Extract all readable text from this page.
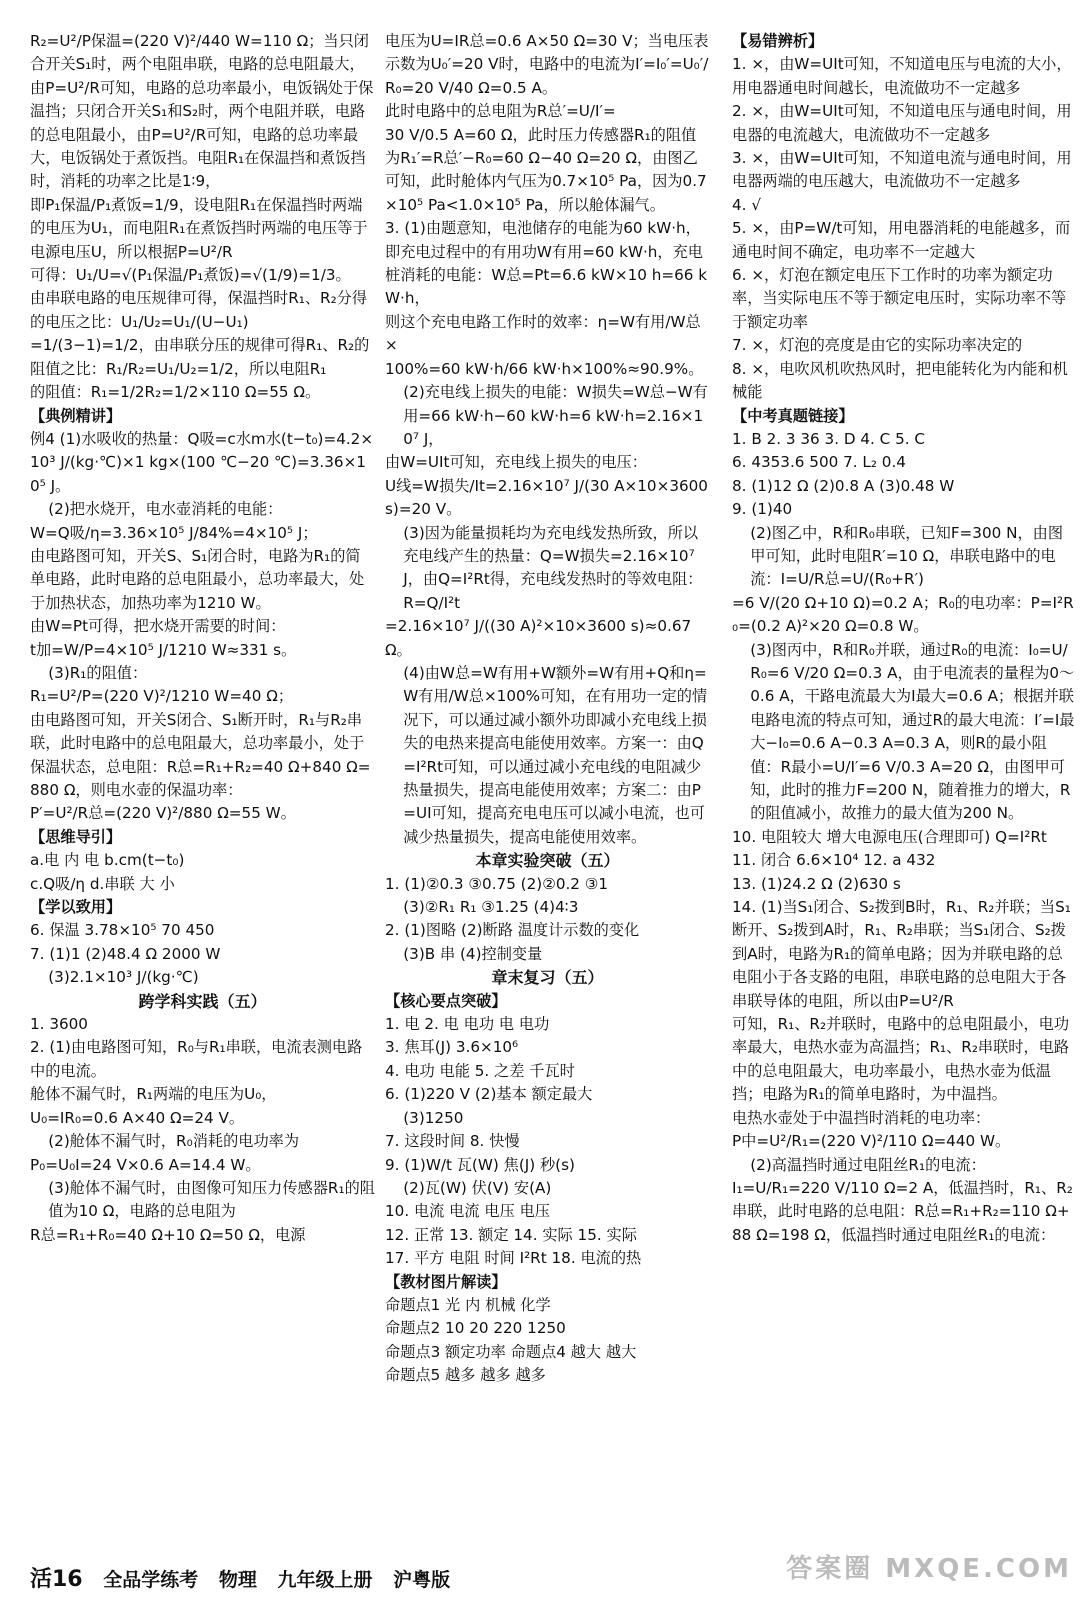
R₂=U²/P保温=(220 V)²/440 W=110 Ω；当只闭合开关S₁时，两个电阻串联，电路的总电阻最大，由P=U²/R可知，电路的总功率最小，电饭锅处于保温挡；只闭合开关S₁和S₂时，两个电阻并联，电路的总电阻最小，由P=U²/R可知，电路的总功率最大，电饭锅处于煮饭挡。电阻R₁在保温挡和煮饭挡时，消耗的功率之比是1∶9，

即P₁保温/P₁煮饭=1/9，设电阻R₁在保温挡时两端的电压为U₁，而电阻R₁在煮饭挡时两端的电压等于电源电压U，所以根据P=U²/R

可得：U₁/U=√(P₁保温/P₁煮饭)=√(1/9)=1/3。

由串联电路的电压规律可得，保温挡时R₁、R₂分得的电压之比：U₁/U₂=U₁/(U−U₁)

=1/(3−1)=1/2，由串联分压的规律可得R₁、R₂的阻值之比：R₁/R₂=U₁/U₂=1/2，所以电阻R₁

的阻值：R₁=1/2R₂=1/2×110 Ω=55 Ω。

【典例精讲】

例4 (1)水吸收的热量：Q吸=c水m水(t−t₀)=4.2×10³ J/(kg·℃)×1 kg×(100 ℃−20 ℃)=3.36×10⁵ J。

(2)把水烧开，电水壶消耗的电能：

W=Q吸/η=3.36×10⁵ J/84%=4×10⁵ J；

由电路图可知，开关S、S₁闭合时，电路为R₁的简单电路，此时电路的总电阻最小，总功率最大，处于加热状态，加热功率为1210 W。

由W=Pt可得，把水烧开需要的时间：

t加=W/P=4×10⁵ J/1210 W≈331 s。

(3)R₁的阻值：

R₁=U²/P=(220 V)²/1210 W=40 Ω；

由电路图可知，开关S闭合、S₁断开时，R₁与R₂串联，此时电路中的总电阻最大，总功率最小，处于保温状态，总电阻：R总=R₁+R₂=40 Ω+840 Ω=880 Ω，则电水壶的保温功率：

P′=U²/R总=(220 V)²/880 Ω=55 W。

【思维导引】

a.电 内 电 b.cm(t−t₀)

c.Q吸/η d.串联 大 小

【学以致用】

6. 保温 3.78×10⁵ 70 450

7. (1)1 (2)48.4 Ω 2000 W

(3)2.1×10³ J/(kg·℃)

跨学科实践（五）

1. 3600

2. (1)由电路图可知，R₀与R₁串联，电流表测电路中的电流。

舱体不漏气时，R₁两端的电压为U₀，

U₀=IR₀=0.6 A×40 Ω=24 V。

(2)舱体不漏气时，R₀消耗的电功率为

P₀=U₀I=24 V×0.6 A=14.4 W。

(3)舱体不漏气时，由图像可知压力传感器R₁的阻值为10 Ω，电路的总电阻为

R总=R₁+R₀=40 Ω+10 Ω=50 Ω，电源

电压为U=IR总=0.6 A×50 Ω=30 V；当电压表示数为U₀′=20 V时，电路中的电流为I′=I₀′=U₀′/R₀=20 V/40 Ω=0.5 A。

此时电路中的总电阻为R总′=U/I′=

30 V/0.5 A=60 Ω，此时压力传感器R₁的阻值为R₁′=R总′−R₀=60 Ω−40 Ω=20 Ω，由图乙可知，此时舱体内气压为0.7×10⁵ Pa，因为0.7×10⁵ Pa<1.0×10⁵ Pa，所以舱体漏气。

3. (1)由题意知，电池储存的电能为60 kW·h，即充电过程中的有用功W有用=60 kW·h，充电桩消耗的电能：W总=Pt=6.6 kW×10 h=66 kW·h，

则这个充电电路工作时的效率：η=W有用/W总×

100%=60 kW·h/66 kW·h×100%≈90.9%。

(2)充电线上损失的电能：W损失=W总−W有用=66 kW·h−60 kW·h=6 kW·h=2.16×10⁷ J，

由W=UIt可知，充电线上损失的电压：

U线=W损失/It=2.16×10⁷ J/(30 A×10×3600 s)=20 V。

(3)因为能量损耗均为充电线发热所致，所以充电线产生的热量：Q=W损失=2.16×10⁷ J，由Q=I²Rt得，充电线发热时的等效电阻：R=Q/I²t

=2.16×10⁷ J/((30 A)²×10×3600 s)≈0.67 Ω。

(4)由W总=W有用+W额外=W有用+Q和η=W有用/W总×100%可知，在有用功一定的情况下，可以通过减小额外功即减小充电线上损失的电热来提高电能使用效率。方案一：由Q=I²Rt可知，可以通过减小充电线的电阻减少热量损失，提高电能使用效率；方案二：由P=UI可知，提高充电电压可以减小电流，也可减少热量损失，提高电能使用效率。

本章实验突破（五）

1. (1)②0.3 ③0.75 (2)②0.2 ③1

(3)②R₁ R₁ ③1.25 (4)4∶3

2. (1)图略 (2)断路 温度计示数的变化

(3)B 串 (4)控制变量

章末复习（五）

【核心要点突破】

1. 电 2. 电 电功 电 电功

3. 焦耳(J) 3.6×10⁶

4. 电功 电能 5. 之差 千瓦时

6. (1)220 V (2)基本 额定最大

(3)1250

7. 这段时间 8. 快慢

9. (1)W/t 瓦(W) 焦(J) 秒(s)

(2)瓦(W) 伏(V) 安(A)

10. 电流 电流 电压 电压

12. 正常 13. 额定 14. 实际 15. 实际

17. 平方 电阻 时间 I²Rt 18. 电流的热

【教材图片解读】

命题点1 光 内 机械 化学

命题点2 10 20 220 1250

命题点3 额定功率 命题点4 越大 越大

命题点5 越多 越多 越多

【易错辨析】

1. ×，由W=UIt可知，不知道电压与电流的大小，用电器通电时间越长，电流做功不一定越多

2. ×，由W=UIt可知，不知道电压与通电时间，用电器的电流越大，电流做功不一定越多

3. ×，由W=UIt可知，不知道电流与通电时间，用电器两端的电压越大，电流做功不一定越多

4. √

5. ×，由P=W/t可知，用电器消耗的电能越多，而通电时间不确定，电功率不一定越大

6. ×，灯泡在额定电压下工作时的功率为额定功率，当实际电压不等于额定电压时，实际功率不等于额定功率

7. ×，灯泡的亮度是由它的实际功率决定的

8. ×，电吹风机吹热风时，把电能转化为内能和机械能

【中考真题链接】

1. B 2. 3 36 3. D 4. C 5. C

6. 4353.6 500 7. L₂ 0.4

8. (1)12 Ω (2)0.8 A (3)0.48 W

9. (1)40

(2)图乙中，R和R₀串联，已知F=300 N，由图甲可知，此时电阻R′=10 Ω，串联电路中的电流：I=U/R总=U/(R₀+R′)

=6 V/(20 Ω+10 Ω)=0.2 A；R₀的电功率：P=I²R₀=(0.2 A)²×20 Ω=0.8 W。

(3)图丙中，R和R₀并联，通过R₀的电流：I₀=U/R₀=6 V/20 Ω=0.3 A，由于电流表的量程为0～0.6 A，干路电流最大为I最大=0.6 A；根据并联电路电流的特点可知，通过R的最大电流：I′=I最大−I₀=0.6 A−0.3 A=0.3 A，则R的最小阻值：R最小=U/I′=6 V/0.3 A=20 Ω，由图甲可知，此时的推力F=200 N，随着推力的增大，R的阻值减小，故推力的最大值为200 N。

10. 电阻较大 增大电源电压(合理即可) Q=I²Rt

11. 闭合 6.6×10⁴ 12. a 432

13. (1)24.2 Ω (2)630 s

14. (1)当S₁闭合、S₂拨到B时，R₁、R₂并联；当S₁断开、S₂拨到A时，R₁、R₂串联；当S₁闭合、S₂拨到A时，电路为R₁的简单电路；因为并联电路的总电阻小于各支路的电阻，串联电路的总电阻大于各串联导体的电阻，所以由P=U²/R

可知，R₁、R₂并联时，电路中的总电阻最小，电功率最大，电热水壶为高温挡；R₁、R₂串联时，电路中的总电阻最大，电功率最小，电热水壶为低温挡；电路为R₁的简单电路时，为中温挡。

电热水壶处于中温挡时消耗的电功率：

P中=U²/R₁=(220 V)²/110 Ω=440 W。

(2)高温挡时通过电阻丝R₁的电流：

I₁=U/R₁=220 V/110 Ω=2 A，低温挡时，R₁、R₂串联，此时电路的总电阻：R总=R₁+R₂=110 Ω+88 Ω=198 Ω，低温挡时通过电阻丝R₁的电流：

活16 全品学练考 物理 九年级上册 沪粤版	答案圈 MXQE.COM
